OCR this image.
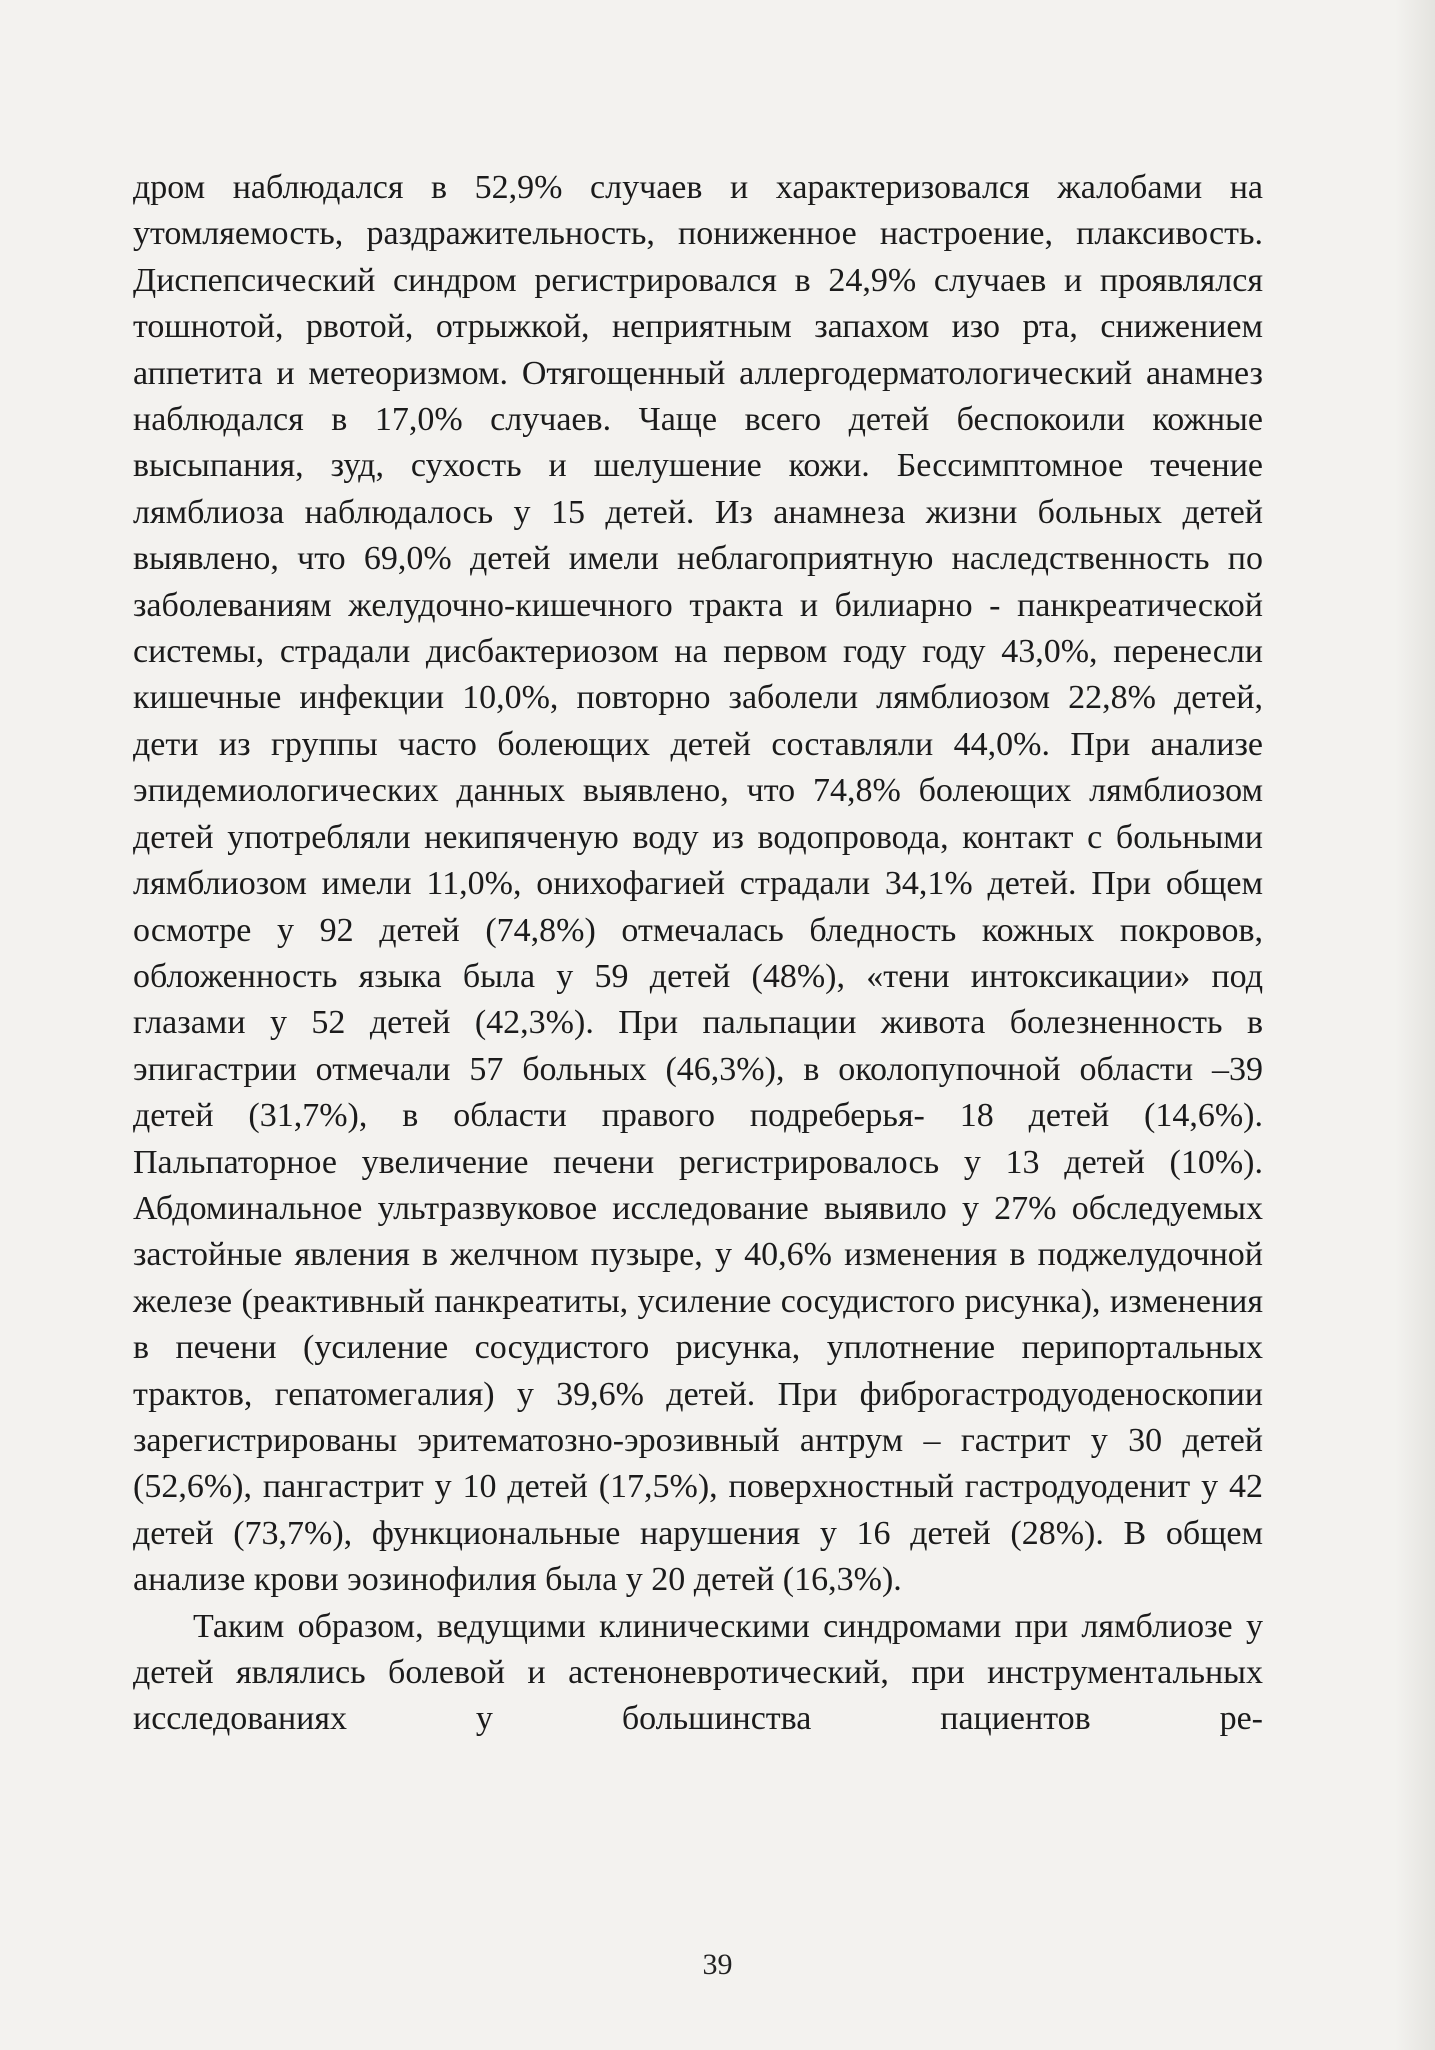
дром наблюдался в 52,9% случаев и характеризовался жалобами на утомляемость, раздражительность, пониженное настроение, плаксивость. Диспепсический синдром регистрировался в 24,9% случаев и проявлялся тошнотой, рвотой, отрыжкой, неприятным запахом изо рта, снижением аппетита и метеоризмом. Отягощенный аллергодерматологический анамнез наблюдался в 17,0% случаев. Чаще всего детей беспокоили кожные высыпания, зуд, сухость и шелушение кожи. Бессимптомное течение лямблиоза наблюдалось у 15 детей. Из анамнеза жизни больных детей выявлено, что 69,0% детей имели неблагоприятную наследственность по заболеваниям желудочно-кишечного тракта и билиарно - панкреатической системы, страдали дисбактериозом на первом году году 43,0%, перенесли кишечные инфекции 10,0%, повторно заболели лямблиозом 22,8% детей, дети из группы часто болеющих детей составляли 44,0%. При анализе эпидемиологических данных выявлено, что 74,8% болеющих лямблиозом детей употребляли некипяченую воду из водопровода, контакт с больными лямблиозом имели 11,0%, онихофагией страдали 34,1% детей. При общем осмотре у 92 детей (74,8%) отмечалась бледность кожных покровов, обложенность языка была у 59 детей (48%), «тени интоксикации» под глазами у 52 детей (42,3%). При пальпации живота болезненность в эпигастрии отмечали 57 больных (46,3%), в околопупочной области –39 детей (31,7%), в области правого подреберья- 18 детей (14,6%). Пальпаторное увеличение печени регистрировалось у 13 детей (10%). Абдоминальное ультразвуковое исследование выявило у 27% обследуемых застойные явления в желчном пузыре, у 40,6% изменения в поджелудочной железе (реактивный панкреатиты, усиление сосудистого рисунка), изменения в печени (усиление сосудистого рисунка, уплотнение перипортальных трактов, гепатомегалия) у 39,6% детей. При фиброгастродуоденоскопии зарегистрированы эритематозно-эрозивный антрум – гастрит у 30 детей (52,6%), пангастрит у 10 детей (17,5%), поверхностный гастродуоденит у 42 детей (73,7%), функциональные нарушения у 16 детей (28%). В общем анализе крови эозинофилия была у 20 детей (16,3%).

Таким образом, ведущими клиническими синдромами при лямблиозе у детей являлись болевой и астеноневротический, при инструментальных исследованиях у большинства пациентов ре-

39
